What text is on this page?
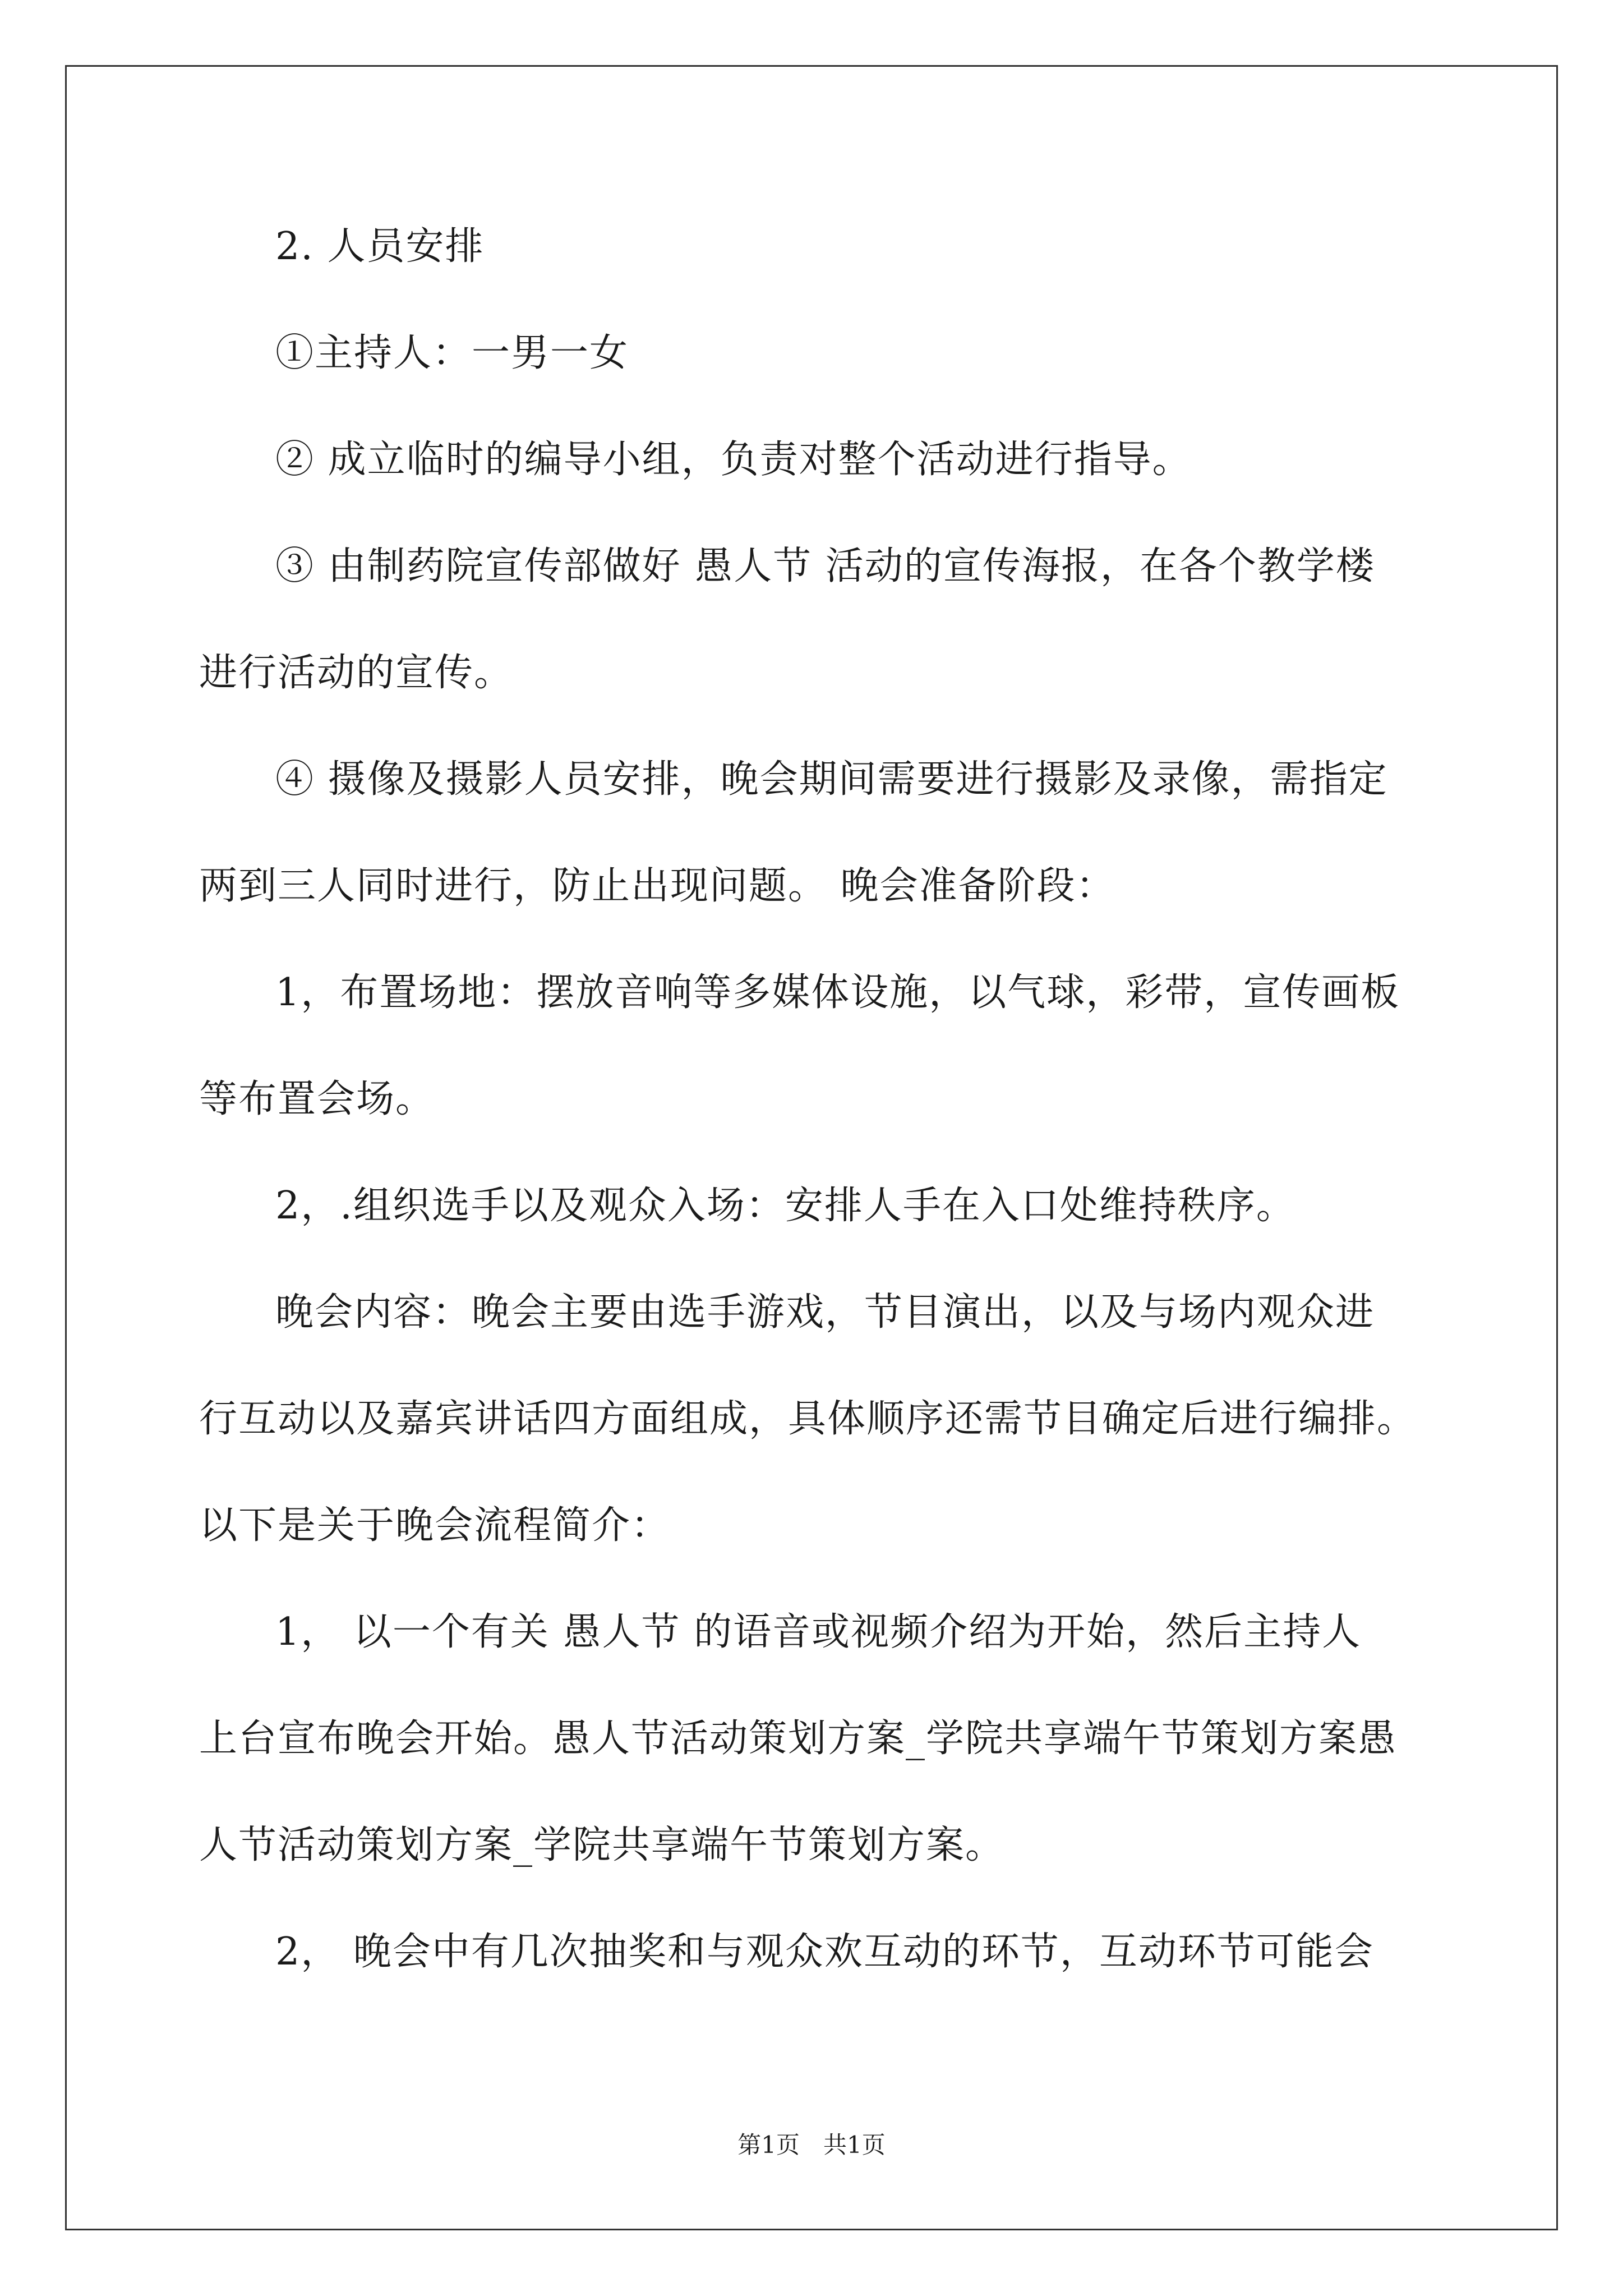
2. 人员安排
①主持人：一男一女
② 成立临时的编导小组，负责对整个活动进行指导。
③ 由制药院宣传部做好 愚人节 活动的宣传海报，在各个教学楼
进行活动的宣传。
④ 摄像及摄影人员安排，晚会期间需要进行摄影及录像，需指定
两到三人同时进行，防止出现问题。 晚会准备阶段：
1，布置场地：摆放音响等多媒体设施，以气球，彩带，宣传画板
等布置会场。
2，.组织选手以及观众入场：安排人手在入口处维持秩序。
晚会内容：晚会主要由选手游戏，节目演出，以及与场内观众进
行互动以及嘉宾讲话四方面组成，具体顺序还需节目确定后进行编排。
以下是关于晚会流程简介：
1， 以一个有关 愚人节 的语音或视频介绍为开始，然后主持人
上台宣布晚会开始。愚人节活动策划方案_学院共享端午节策划方案愚
人节活动策划方案_学院共享端午节策划方案。
2， 晚会中有几次抽奖和与观众欢互动的环节，互动环节可能会
第1页　共1页
